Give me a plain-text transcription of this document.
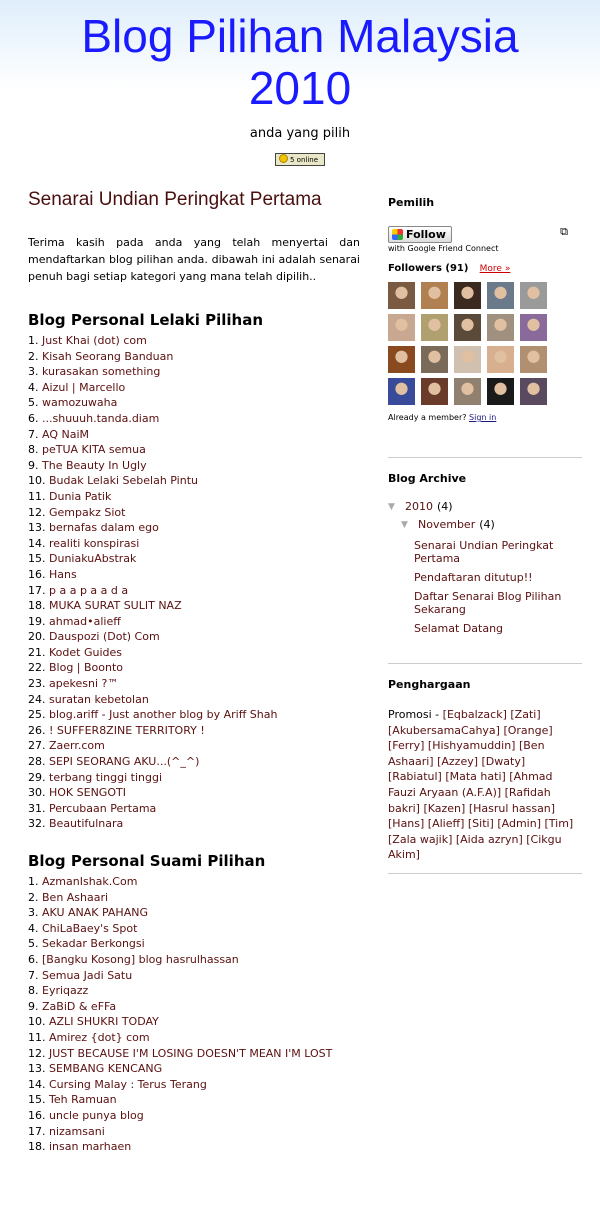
Blog Pilihan Malaysia 2010
anda yang pilih
5 online
Senarai Undian Peringkat Pertama

Terima kasih pada anda yang telah menyertai dan mendaftarkan blog pilihan anda. dibawah ini adalah senarai penuh bagi setiap kategori yang mana telah dipilih..

Blog Personal Lelaki Pilihan
1. Just Khai (dot) com
2. Kisah Seorang Banduan
3. kurasakan something
4. Aizul | Marcello
5. wamozuwaha
6. ...shuuuh.tanda.diam
7. AQ NaiM
8. peTUA KITA semua
9. The Beauty In Ugly
10. Budak Lelaki Sebelah Pintu
11. Dunia Patik
12. Gempakz Siot
13. bernafas dalam ego
14. realiti konspirasi
15. DuniakuAbstrak
16. Hans
17. p a a p a a d a
18. MUKA SURAT SULIT NAZ
19. ahmad•alieff
20. Dauspozi (Dot) Com
21. Kodet Guides
22. Blog | Boonto
23. apekesni ?™
24. suratan kebetolan
25. blog.ariff - Just another blog by Ariff Shah
26. ! SUFFER8ZINE TERRITORY !
27. Zaerr.com
28. SEPI SEORANG AKU...(^_^)
29. terbang tinggi tinggi
30. HOK SENGOTI
31. Percubaan Pertama
32. Beautifulnara
Blog Personal Suami Pilihan
1. AzmanIshak.Com
2. Ben Ashaari
3. AKU ANAK PAHANG
4. ChiLaBaey's Spot
5. Sekadar Berkongsi
6. [Bangku Kosong] blog hasrulhassan
7. Semua Jadi Satu
8. Eyriqazz
9. ZaBiD & eFFa
10. AZLI SHUKRI TODAY
11. Amirez {dot} com
12. JUST BECAUSE I'M LOSING DOESN'T MEAN I'M LOST
13. SEMBANG KENCANG
14. Cursing Malay : Terus Terang
15. Teh Ramuan
16. uncle punya blog
17. nizamsani
18. insan marhaen
Pemilih
Follow	⧉
with Google Friend Connect
Followers (91) More »
Already a member? Sign in
Blog Archive
▼ 2010 (4)
▼ November (4)
Senarai Undian Peringkat Pertama
Pendaftaran ditutup!!
Daftar Senarai Blog Pilihan Sekarang
Selamat Datang
Penghargaan
Promosi - [Eqbalzack] [Zati] [AkubersamaCahya] [Orange] [Ferry] [Hishyamuddin] [Ben Ashaari] [Azzey] [Dwaty] [Rabiatul] [Mata hati] [Ahmad Fauzi Aryaan (A.F.A)] [Rafidah bakri] [Kazen] [Hasrul hassan] [Hans] [Alieff] [Siti] [Admin] [Tim] [Zala wajik] [Aida azryn] [Cikgu Akim]
